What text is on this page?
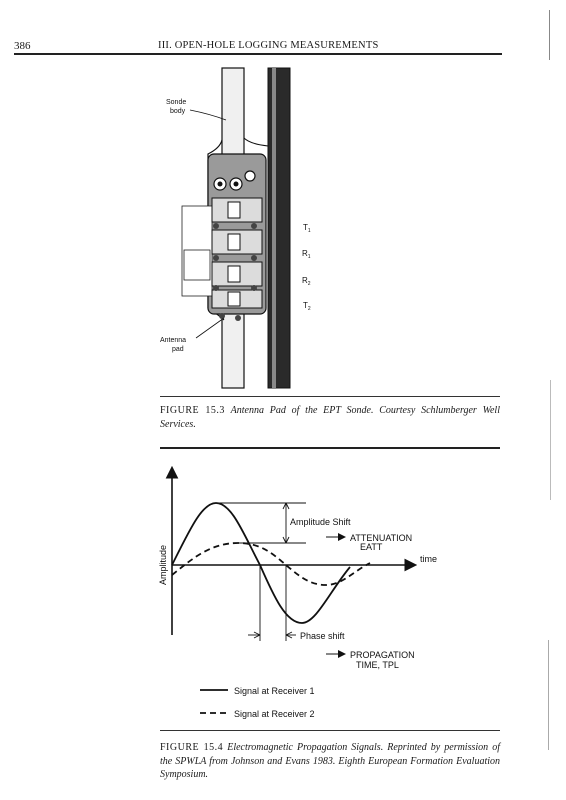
386	III. OPEN-HOLE LOGGING MEASUREMENTS
Sonde
body
Antenna
pad
$T_1$
$R_1$
$R_2$
$T_2$
FIGURE 15.3 Antenna Pad of the EPT Sonde. Courtesy Schlumberger Well Services.
Amplitude	time
Amplitude Shift
ATTENUATION
EATT
Phase shift
PROPAGATION
TIME, TPL
Signal at Receiver 1
Signal at Receiver 2
FIGURE 15.4 Electromagnetic Propagation Signals. Reprinted by permission of the SPWLA from Johnson and Evans 1983. Eighth European Formation Evaluation Symposium.
